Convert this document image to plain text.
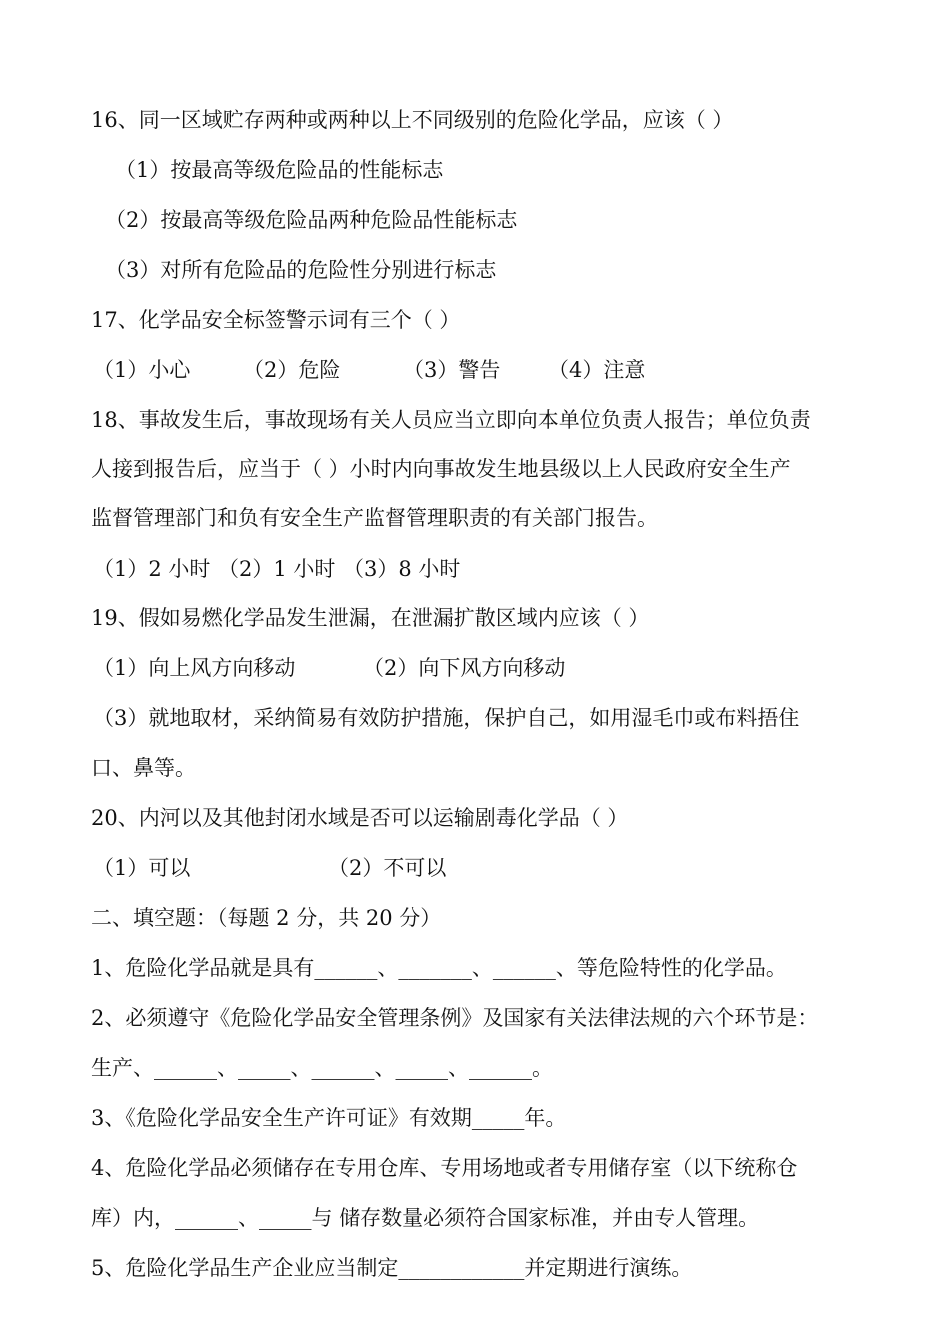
16、同一区域贮存两种或两种以上不同级别的危险化学品，应该（ ）
（1）按最高等级危险品的性能标志
（2）按最高等级危险品两种危险品性能标志
（3）对所有危险品的危险性分别进行标志
17、化学品安全标签警示词有三个（ ）
（1）小心	（2）危险	（3）警告 （4）注意
18、事故发生后，事故现场有关人员应当立即向本单位负责人报告；单位负责
人接到报告后，应当于（ ）小时内向事故发生地县级以上人民政府安全生产
监督管理部门和负有安全生产监督管理职责的有关部门报告。
（1）2 小时 （2）1 小时 （3）8 小时
19、假如易燃化学品发生泄漏，在泄漏扩散区域内应该（ ）
（1）向上风方向移动	（2）向下风方向移动
（3）就地取材，采纳简易有效防护措施，保护自己，如用湿毛巾或布料捂住
口、鼻等。
20、内河以及其他封闭水域是否可以运输剧毒化学品（ ）
（1）可以	（2）不可以
二、填空题：（每题 2 分，共 20 分）
1、危险化学品就是具有______、_______、______、等危险特性的化学品。
2、必须遵守《危险化学品安全管理条例》及国家有关法律法规的六个环节是：
生产、______、_____、______、_____、______。
3、《危险化学品安全生产许可证》有效期_____年。
4、危险化学品必须储存在专用仓库、专用场地或者专用储存室（以下统称仓
库）内，______、_____与 储存数量必须符合国家标准，并由专人管理。
5、危险化学品生产企业应当制定____________并定期进行演练。
